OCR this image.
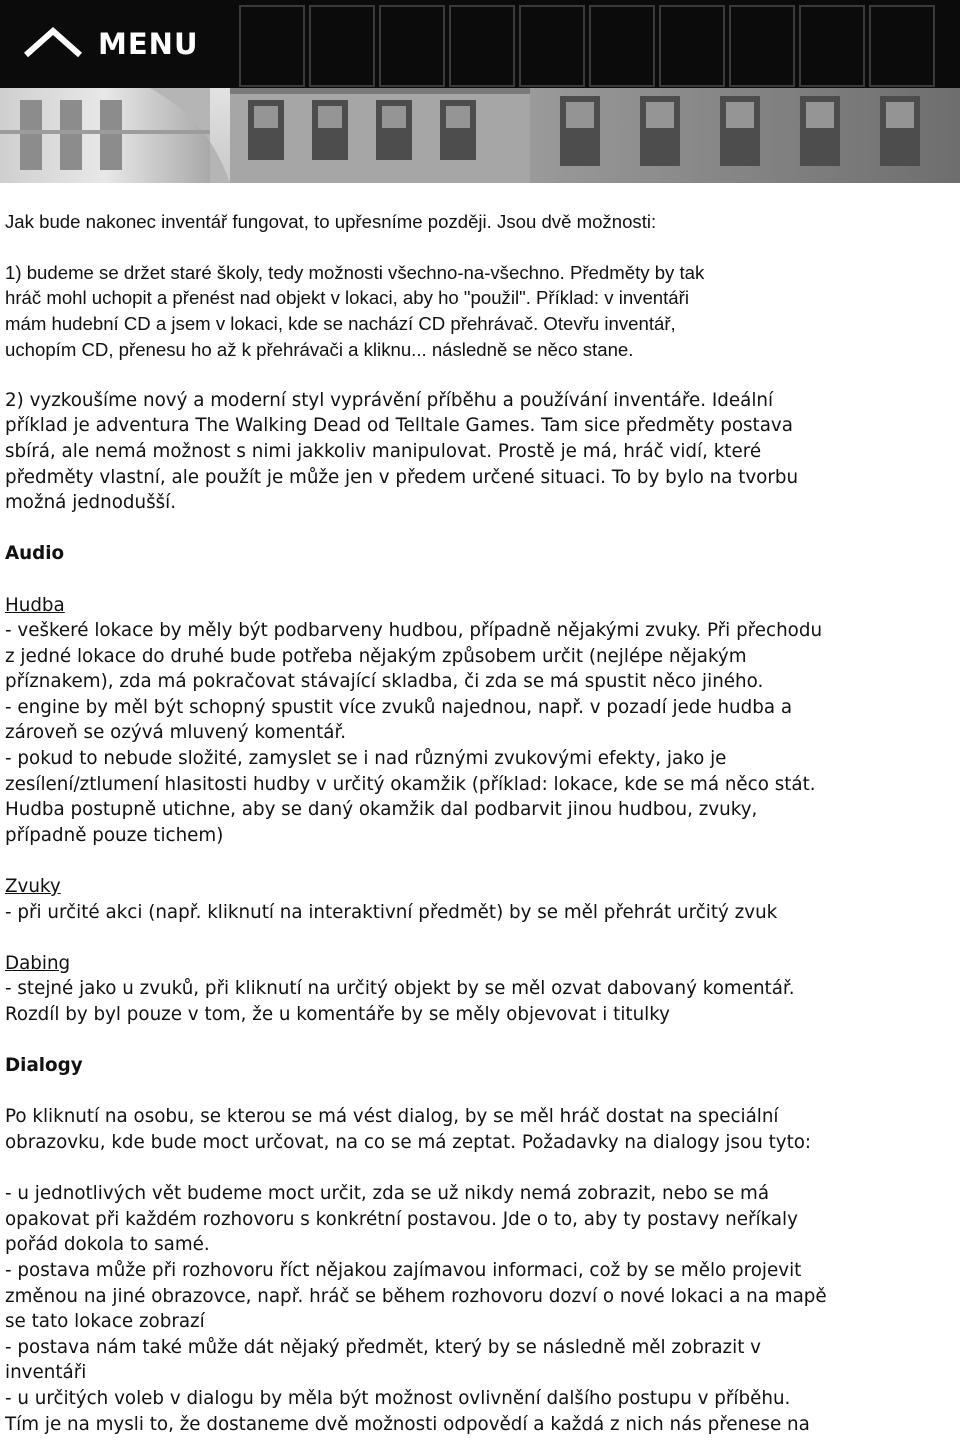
MENU
Jak bude nakonec inventář fungovat, to upřesníme později. Jsou dvě možnosti:
1) budeme se držet staré školy, tedy možnosti všechno-na-všechno. Předměty by tak
hráč mohl uchopit a přenést nad objekt v lokaci, aby ho "použil". Příklad: v inventáři
mám hudební CD a jsem v lokaci, kde se nachází CD přehrávač. Otevřu inventář,
uchopím CD, přenesu ho až k přehrávači a kliknu... následně se něco stane.
2) vyzkoušíme nový a moderní styl vyprávění příběhu a používání inventáře. Ideální
příklad je adventura The Walking Dead od Telltale Games. Tam sice předměty postava
sbírá, ale nemá možnost s nimi jakkoliv manipulovat. Prostě je má, hráč vidí, které
předměty vlastní, ale použít je může jen v předem určené situaci. To by bylo na tvorbu
možná jednodušší.
Audio
Hudba
- veškeré lokace by měly být podbarveny hudbou, případně nějakými zvuky. Při přechodu
z jedné lokace do druhé bude potřeba nějakým způsobem určit (nejlépe nějakým
příznakem), zda má pokračovat stávající skladba, či zda se má spustit něco jiného.
- engine by měl být schopný spustit více zvuků najednou, např. v pozadí jede hudba a
zároveň se ozývá mluvený komentář.
- pokud to nebude složité, zamyslet se i nad různými zvukovými efekty, jako je
zesílení/ztlumení hlasitosti hudby v určitý okamžik (příklad: lokace, kde se má něco stát.
Hudba postupně utichne, aby se daný okamžik dal podbarvit jinou hudbou, zvuky,
případně pouze tichem)
Zvuky
- při určité akci (např. kliknutí na interaktivní předmět) by se měl přehrát určitý zvuk
Dabing
- stejné jako u zvuků, při kliknutí na určitý objekt by se měl ozvat dabovaný komentář.
Rozdíl by byl pouze v tom, že u komentáře by se měly objevovat i titulky
Dialogy
Po kliknutí na osobu, se kterou se má vést dialog, by se měl hráč dostat na speciální
obrazovku, kde bude moct určovat, na co se má zeptat. Požadavky na dialogy jsou tyto:
- u jednotlivých vět budeme moct určit, zda se už nikdy nemá zobrazit, nebo se má
opakovat při každém rozhovoru s konkrétní postavou. Jde o to, aby ty postavy neříkaly
pořád dokola to samé.
- postava může při rozhovoru říct nějakou zajímavou informaci, což by se mělo projevit
změnou na jiné obrazovce, např. hráč se během rozhovoru dozví o nové lokaci a na mapě
se tato lokace zobrazí
- postava nám také může dát nějaký předmět, který by se následně měl zobrazit v
inventáři
- u určitých voleb v dialogu by měla být možnost ovlivnění dalšího postupu v příběhu.
Tím je na mysli to, že dostaneme dvě možnosti odpovědí a každá z nich nás přenese na
